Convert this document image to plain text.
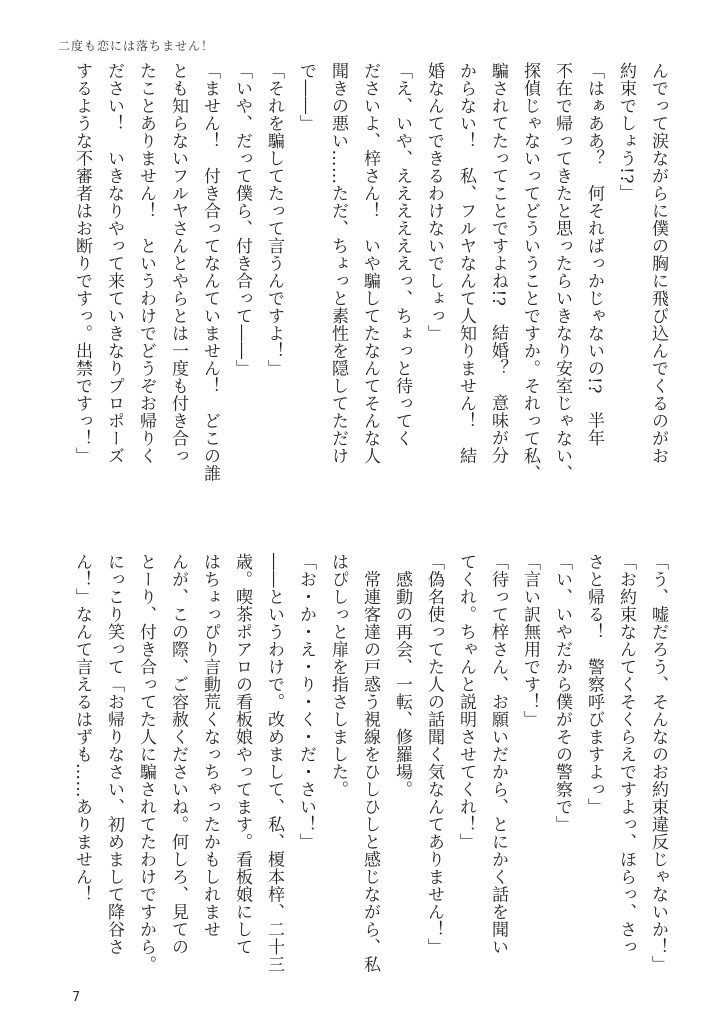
二度も恋には落ちません！
んでって涙ながらに僕の胸に飛び込んでくるのがお
約束でしょう!?」
「はぁああ？　何そればっかじゃないの!?　半年
不在で帰ってきたと思ったらいきなり安室じゃない、
探偵じゃないってどういうことですか。それって私、
騙されてたってことですよね!?　結婚？　意味が分
からない！　私、フルヤなんて人知りません！　結
婚なんてできるわけないでしょっ」
「え、いや、ええええええっ、ちょっと待ってく
ださいよ、梓さん！　いや騙してたなんてそんな人
聞きの悪い……ただ、ちょっと素性を隠してただけ
で――」
「それを騙してたって言うんですよ！」
「いや、だって僕ら、付き合って――」
「ません！　付き合ってなんていません！　どこの誰
とも知らないフルヤさんとやらとは一度も付き合っ
たことありません！　というわけでどうぞお帰りく
ださい！　いきなりやって来ていきなりプロポーズ
するような不審者はお断りですっ。出禁ですっ！」
「う、嘘だろう、そんなのお約束違反じゃないか！」
「お約束なんてくそくらえですよっ、ほらっ、さっ
さと帰る！　警察呼びますよっ」
「い、いやだから僕がその警察で」
「言い訳無用です！」
「待って梓さん、お願いだから、とにかく話を聞い
てくれ。ちゃんと説明させてくれ！」
「偽名使ってた人の話聞く気なんてありません！」
　感動の再会、一転、修羅場。
　常連客達の戸惑う視線をひしひしと感じながら、私
はぴしっと扉を指さしました。
「お・か・え・り・く・だ・さい！」
――というわけで。改めまして、私、榎本梓、二十三
歳。喫茶ポアロの看板娘やってます。看板娘にして
はちょっぴり言動荒くなっちゃったかもしれませ
んが、この際、ご容赦くださいね。何しろ、見ての
とーり、付き合ってた人に騙されてたわけですから。
にっこり笑って「お帰りなさい、初めまして降谷さ
ん！」なんて言えるはずも……ありません！
7
